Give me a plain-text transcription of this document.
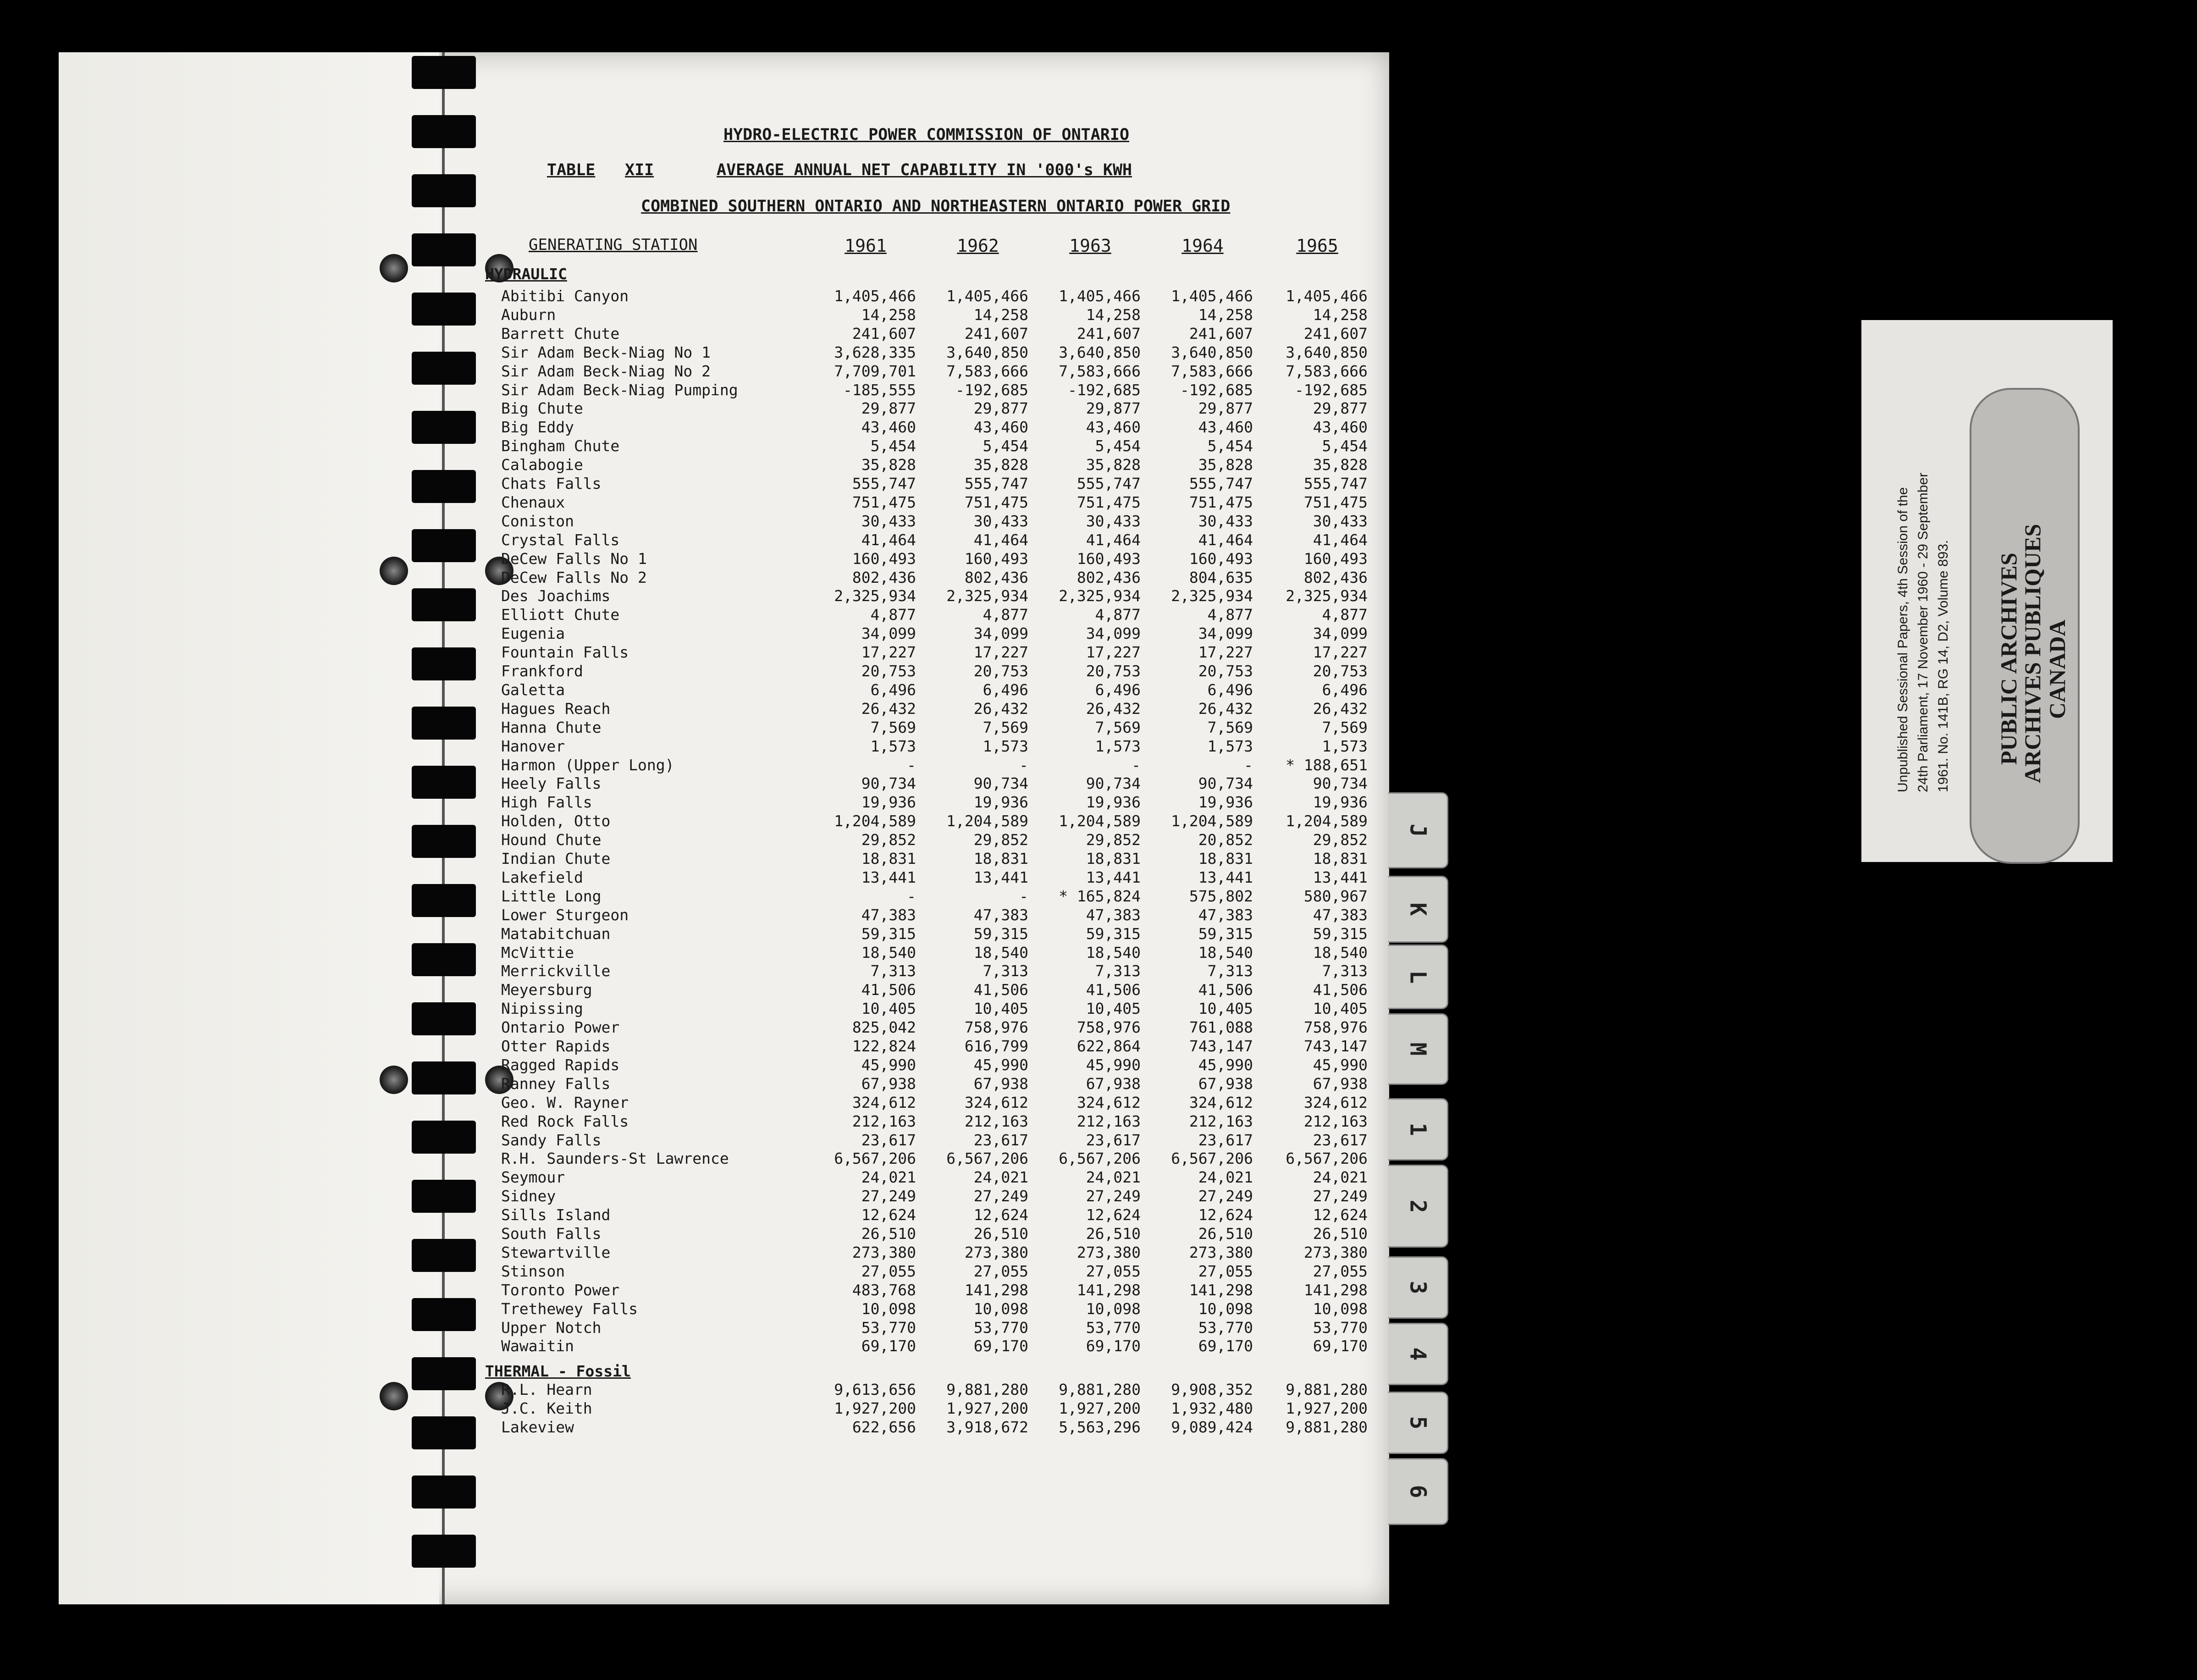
HYDRO-ELECTRIC POWER COMMISSION OF ONTARIO
TABLE XII	AVERAGE ANNUAL NET CAPABILITY IN '000's KWH
COMBINED SOUTHERN ONTARIO AND NORTHEASTERN ONTARIO POWER GRID
GENERATING STATION	1961	1962	1963	1964	1965
HYDRAULIC
Abitibi Canyon	1,405,466	1,405,466	1,405,466	1,405,466	1,405,466
Auburn	14,258	14,258	14,258	14,258	14,258
Barrett Chute	241,607	241,607	241,607	241,607	241,607
Sir Adam Beck-Niag No 1	3,628,335	3,640,850	3,640,850	3,640,850	3,640,850
Sir Adam Beck-Niag No 2	7,709,701	7,583,666	7,583,666	7,583,666	7,583,666
Sir Adam Beck-Niag Pumping	-185,555	-192,685	-192,685	-192,685	-192,685
Big Chute	29,877	29,877	29,877	29,877	29,877
Big Eddy	43,460	43,460	43,460	43,460	43,460
Bingham Chute	5,454	5,454	5,454	5,454	5,454
Calabogie	35,828	35,828	35,828	35,828	35,828
Chats Falls	555,747	555,747	555,747	555,747	555,747
Chenaux	751,475	751,475	751,475	751,475	751,475
Coniston	30,433	30,433	30,433	30,433	30,433
Crystal Falls	41,464	41,464	41,464	41,464	41,464
DeCew Falls No 1	160,493	160,493	160,493	160,493	160,493
DeCew Falls No 2	802,436	802,436	802,436	804,635	802,436
Des Joachims	2,325,934	2,325,934	2,325,934	2,325,934	2,325,934
Elliott Chute	4,877	4,877	4,877	4,877	4,877
Eugenia	34,099	34,099	34,099	34,099	34,099
Fountain Falls	17,227	17,227	17,227	17,227	17,227
Frankford	20,753	20,753	20,753	20,753	20,753
Galetta	6,496	6,496	6,496	6,496	6,496
Hagues Reach	26,432	26,432	26,432	26,432	26,432
Hanna Chute	7,569	7,569	7,569	7,569	7,569
Hanover	1,573	1,573	1,573	1,573	1,573
Harmon (Upper Long)	-	-	-	-	* 188,651
Heely Falls	90,734	90,734	90,734	90,734	90,734
High Falls	19,936	19,936	19,936	19,936	19,936
Holden, Otto	1,204,589	1,204,589	1,204,589	1,204,589	1,204,589
Hound Chute	29,852	29,852	29,852	20,852	29,852
Indian Chute	18,831	18,831	18,831	18,831	18,831
Lakefield	13,441	13,441	13,441	13,441	13,441
Little Long	-	-	* 165,824	575,802	580,967
Lower Sturgeon	47,383	47,383	47,383	47,383	47,383
Matabitchuan	59,315	59,315	59,315	59,315	59,315
McVittie	18,540	18,540	18,540	18,540	18,540
Merrickville	7,313	7,313	7,313	7,313	7,313
Meyersburg	41,506	41,506	41,506	41,506	41,506
Nipissing	10,405	10,405	10,405	10,405	10,405
Ontario Power	825,042	758,976	758,976	761,088	758,976
Otter Rapids	122,824	616,799	622,864	743,147	743,147
Ragged Rapids	45,990	45,990	45,990	45,990	45,990
Ranney Falls	67,938	67,938	67,938	67,938	67,938
Geo. W. Rayner	324,612	324,612	324,612	324,612	324,612
Red Rock Falls	212,163	212,163	212,163	212,163	212,163
Sandy Falls	23,617	23,617	23,617	23,617	23,617
R.H. Saunders-St Lawrence	6,567,206	6,567,206	6,567,206	6,567,206	6,567,206
Seymour	24,021	24,021	24,021	24,021	24,021
Sidney	27,249	27,249	27,249	27,249	27,249
Sills Island	12,624	12,624	12,624	12,624	12,624
South Falls	26,510	26,510	26,510	26,510	26,510
Stewartville	273,380	273,380	273,380	273,380	273,380
Stinson	27,055	27,055	27,055	27,055	27,055
Toronto Power	483,768	141,298	141,298	141,298	141,298
Trethewey Falls	10,098	10,098	10,098	10,098	10,098
Upper Notch	53,770	53,770	53,770	53,770	53,770
Wawaitin	69,170	69,170	69,170	69,170	69,170
THERMAL - Fossil
R.L. Hearn	9,613,656	9,881,280	9,881,280	9,908,352	9,881,280
J.C. Keith	1,927,200	1,927,200	1,927,200	1,932,480	1,927,200
Lakeview	622,656	3,918,672	5,563,296	9,089,424	9,881,280
Unpublished Sessional Papers, 4th Session of the 24th Parliament, 17 November 1960 - 29 September 1961. No. 141B, RG 14, D2, Volume 893. PUBLIC ARCHIVES
ARCHIVES PUBLIQUES
CANADA
J
K
L
M
1
2
3
4
5
6
